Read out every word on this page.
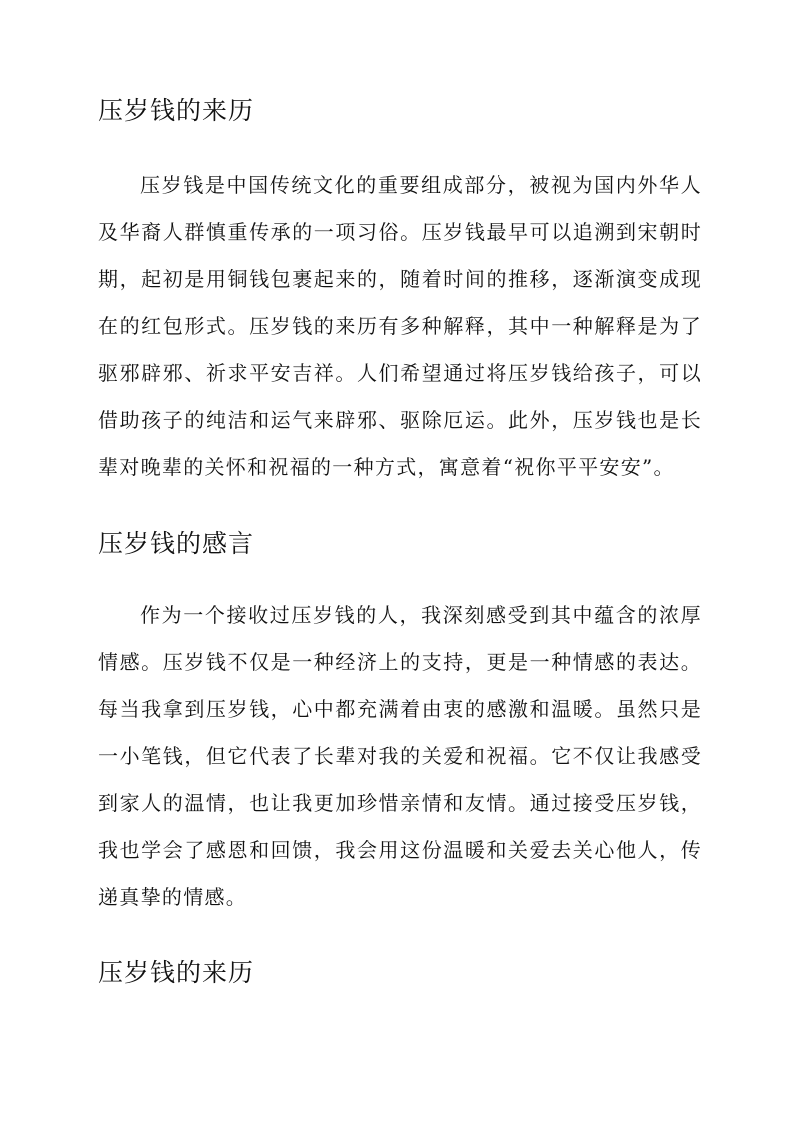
压岁钱的来历

压岁钱是中国传统文化的重要组成部分，被视为国内外华人及华裔人群慎重传承的一项习俗。压岁钱最早可以追溯到宋朝时期，起初是用铜钱包裹起来的，随着时间的推移，逐渐演变成现在的红包形式。压岁钱的来历有多种解释，其中一种解释是为了驱邪辟邪、祈求平安吉祥。人们希望通过将压岁钱给孩子，可以借助孩子的纯洁和运气来辟邪、驱除厄运。此外，压岁钱也是长辈对晚辈的关怀和祝福的一种方式，寓意着“祝你平平安安”。

压岁钱的感言

作为一个接收过压岁钱的人，我深刻感受到其中蕴含的浓厚情感。压岁钱不仅是一种经济上的支持，更是一种情感的表达。每当我拿到压岁钱，心中都充满着由衷的感激和温暖。虽然只是一小笔钱，但它代表了长辈对我的关爱和祝福。它不仅让我感受到家人的温情，也让我更加珍惜亲情和友情。通过接受压岁钱，我也学会了感恩和回馈，我会用这份温暖和关爱去关心他人，传递真挚的情感。

压岁钱的来历
